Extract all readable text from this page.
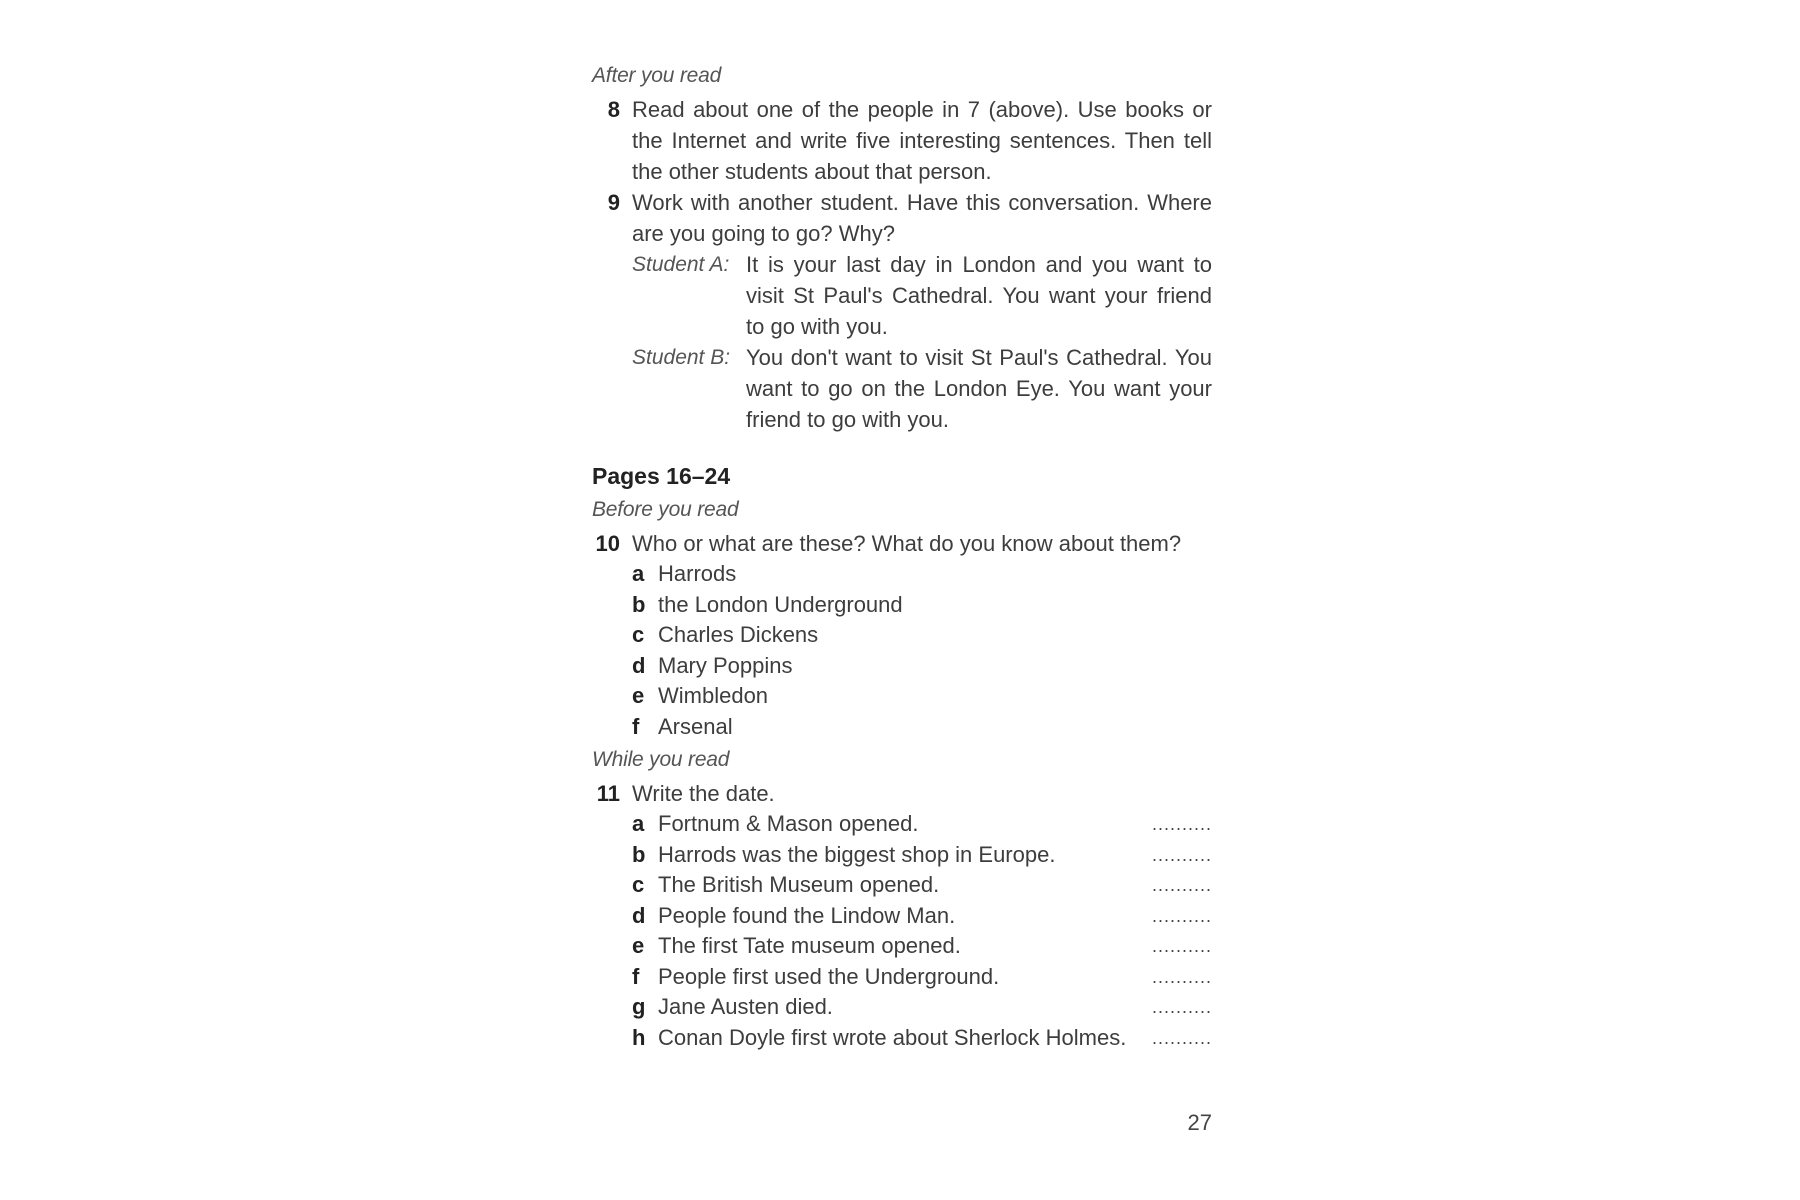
After you read
8 Read about one of the people in 7 (above). Use books or the Internet and write five interesting sentences. Then tell the other students about that person.
9 Work with another student. Have this conversation. Where are you going to go? Why?
Student A: It is your last day in London and you want to visit St Paul's Cathedral. You want your friend to go with you.
Student B: You don't want to visit St Paul's Cathedral. You want to go on the London Eye. You want your friend to go with you.
Pages 16–24
Before you read
10 Who or what are these? What do you know about them?
a Harrods
b the London Underground
c Charles Dickens
d Mary Poppins
e Wimbledon
f Arsenal
While you read
11 Write the date.
a Fortnum & Mason opened.	..........
b Harrods was the biggest shop in Europe.	..........
c The British Museum opened.	..........
d People found the Lindow Man.	..........
e The first Tate museum opened.	..........
f People first used the Underground.	..........
g Jane Austen died.	..........
h Conan Doyle first wrote about Sherlock Holmes.	..........
27
